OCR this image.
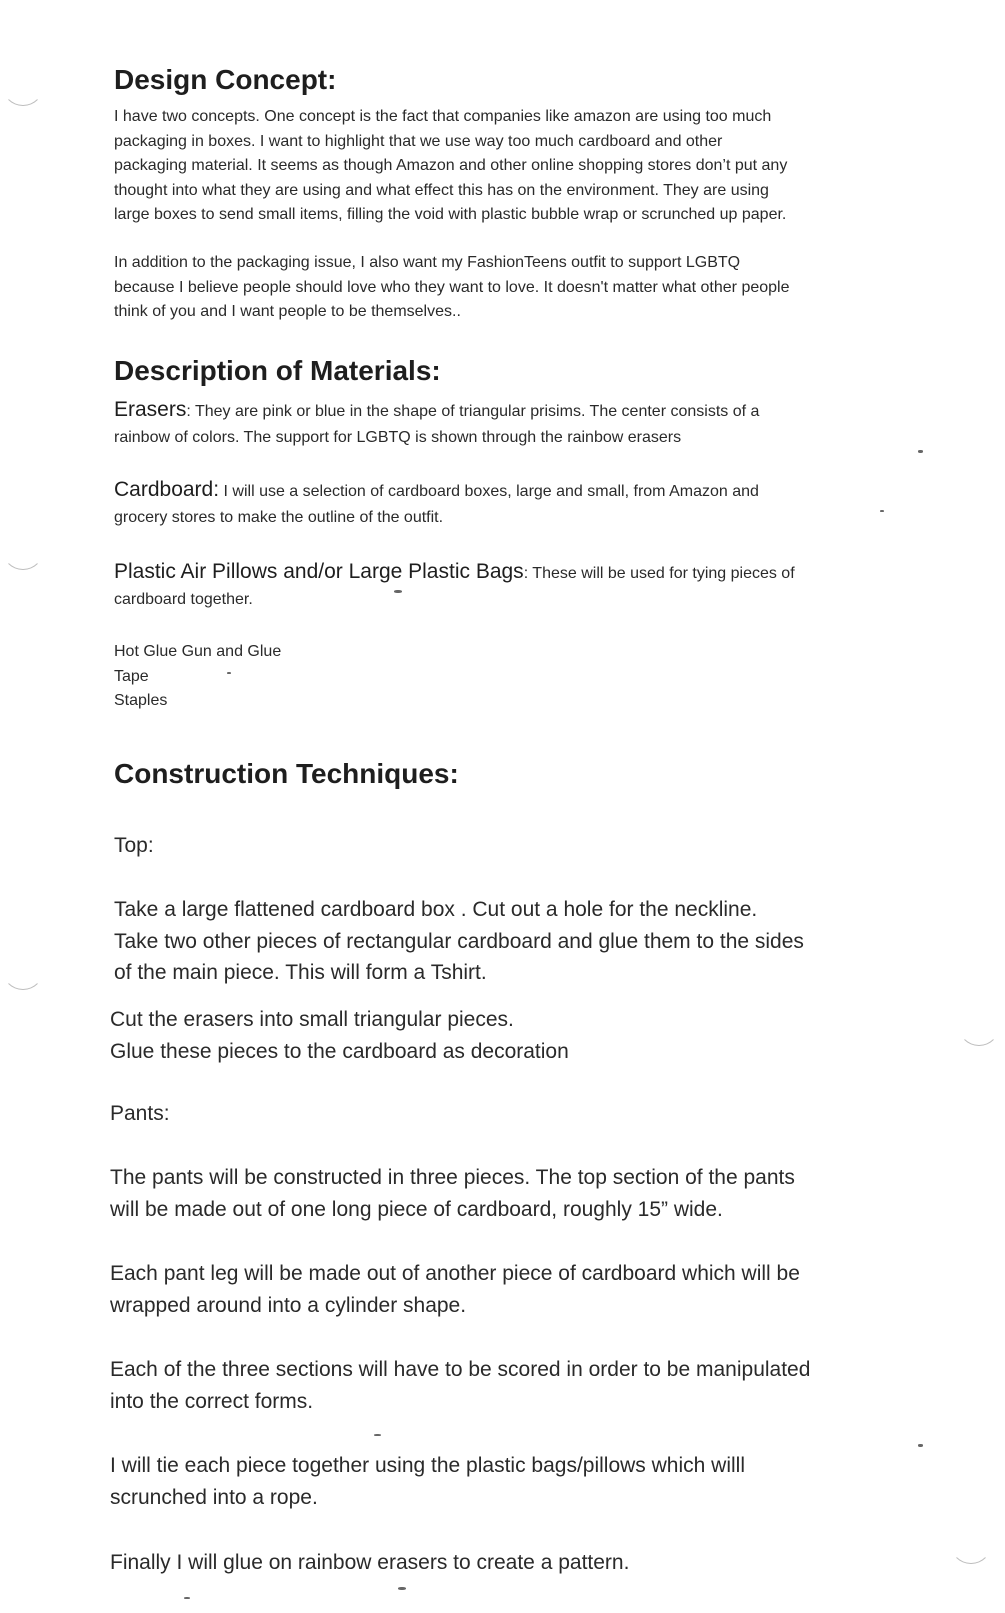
Design Concept:
I have two concepts. One concept is the fact that companies like amazon are using too much
packaging in boxes. I want to highlight that we use way too much cardboard and other
packaging material. It seems as though Amazon and other online shopping stores don’t put any
thought into what they are using and what effect this has on the environment. They are using
large boxes to send small items, filling the void with plastic bubble wrap or scrunched up paper.
In addition to the packaging issue, I also want my FashionTeens outfit to support LGBTQ
because I believe people should love who they want to love. It doesn't matter what other people
think of you and I want people to be themselves..
Description of Materials:
Erasers: They are pink or blue in the shape of triangular prisims. The center consists of a
rainbow of colors. The support for LGBTQ is shown through the rainbow erasers
Cardboard: I will use a selection of cardboard boxes, large and small, from Amazon and
grocery stores to make the outline of the outfit.
Plastic Air Pillows and/or Large Plastic Bags: These will be used for tying pieces of
cardboard together.
Hot Glue Gun and Glue
Tape
Staples
Construction Techniques:
Top:
Take a large flattened cardboard box . Cut out a hole for the neckline.
Take two other pieces of rectangular cardboard and glue them to the sides
of the main piece. This will form a Tshirt.
Cut the erasers into small triangular pieces.
Glue these pieces to the cardboard as decoration
Pants:
The pants will be constructed in three pieces. The top section of the pants
will be made out of one long piece of cardboard, roughly 15” wide.
Each pant leg will be made out of another piece of cardboard which will be
wrapped around into a cylinder shape.
Each of the three sections will have to be scored in order to be manipulated
into the correct forms.
I will tie each piece together using the plastic bags/pillows which willl
scrunched into a rope.
Finally I will glue on rainbow erasers to create a pattern.
